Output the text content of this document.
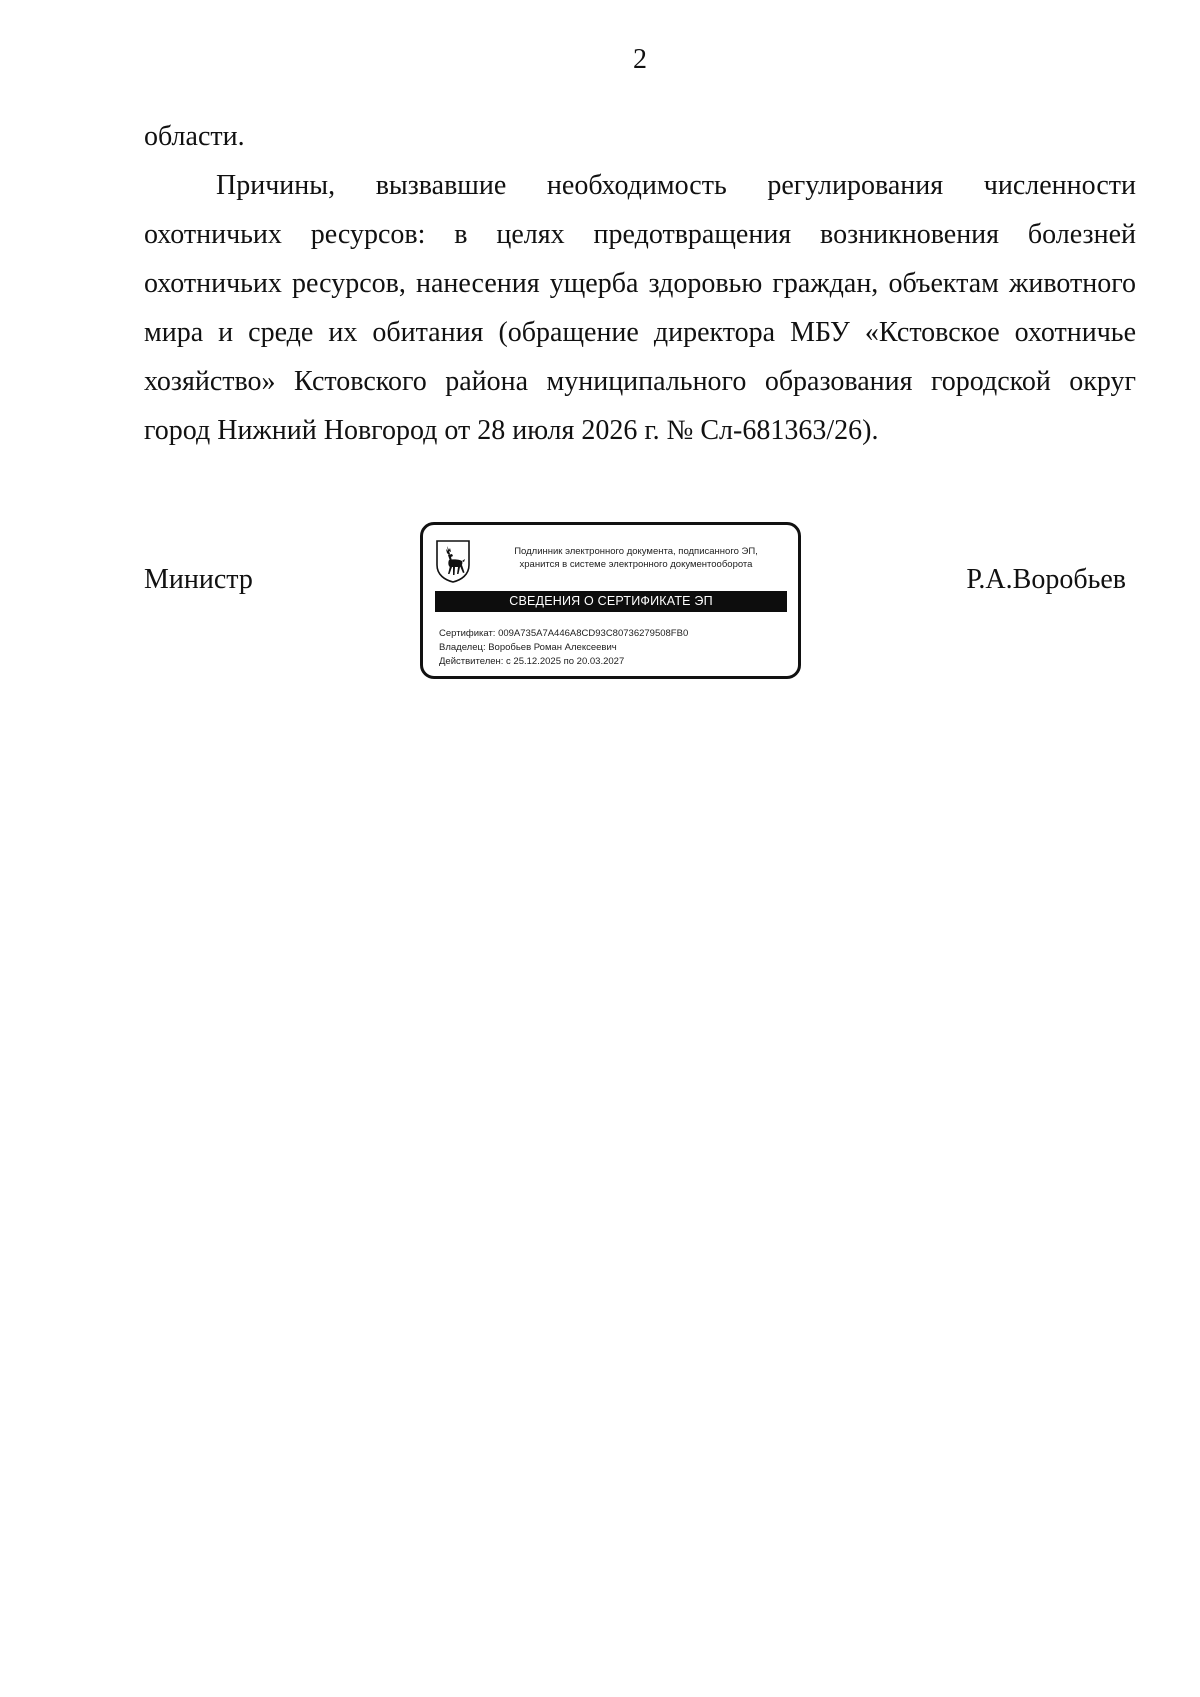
2

области.

Причины, вызвавшие необходимость регулирования численности охотничьих ресурсов: в целях предотвращения возникновения болезней охотничьих ресурсов, нанесения ущерба здоровью граждан, объектам животного мира и среде их обитания (обращение директора МБУ «Кстовское охотничье хозяйство» Кстовского района муниципального образования городской округ город Нижний Новгород от 28 июля 2026 г. № Сл-681363/26).

Министр	Р.А.Воробьев
Подлинник электронного документа, подписанного ЭП,
хранится в системе электронного документооборота
СВЕДЕНИЯ О СЕРТИФИКАТЕ ЭП
Сертификат: 009A735A7A446A8CD93C80736279508FB0
Владелец: Воробьев Роман Алексеевич
Действителен: с 25.12.2025 по 20.03.2027
